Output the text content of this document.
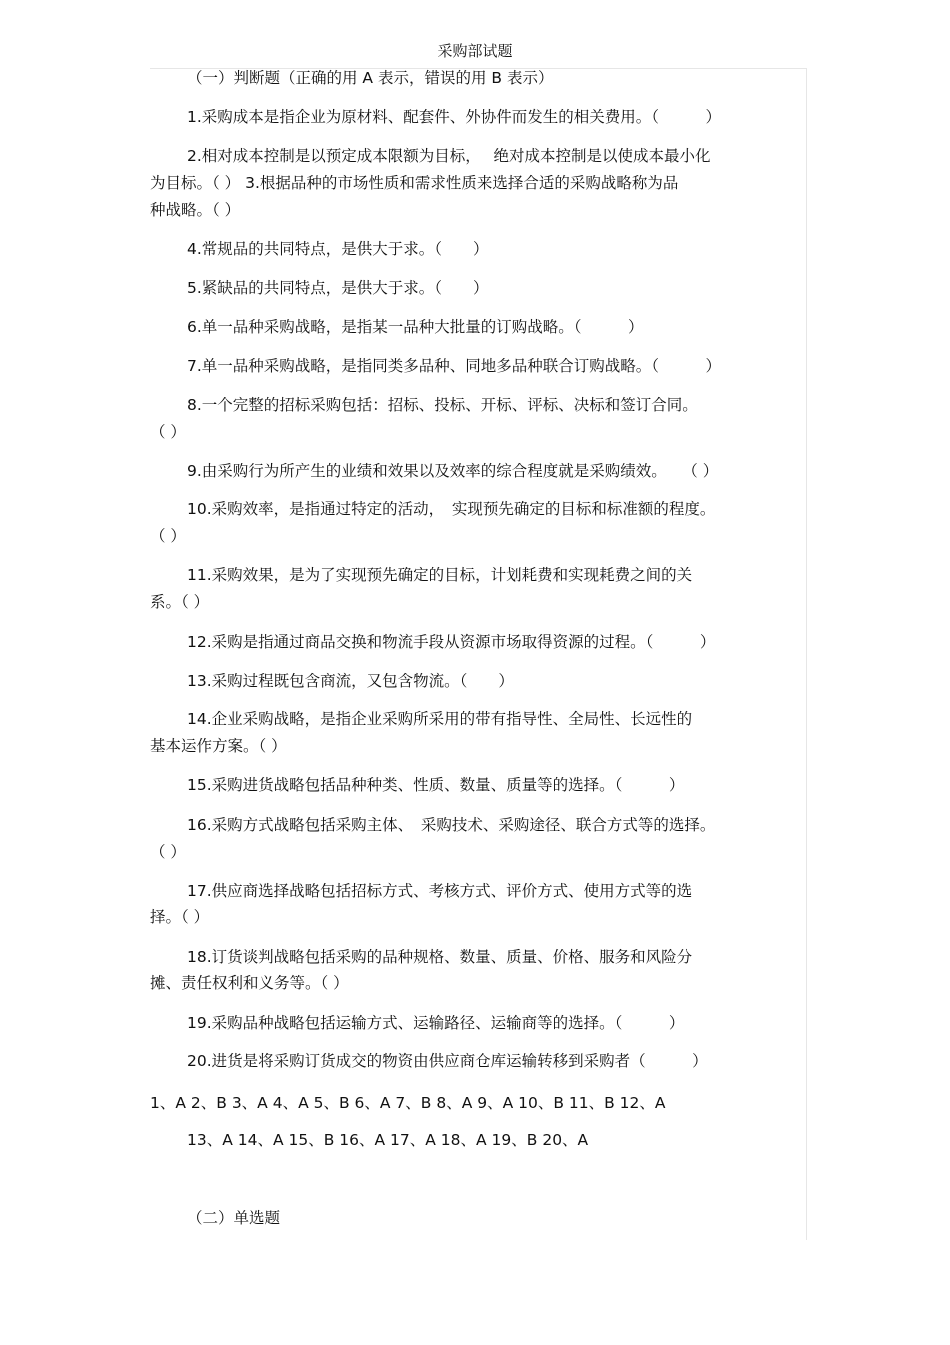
采购部试题
（一）判断题（正确的用 A 表示，错误的用 B 表示）
1.采购成本是指企业为原材料、配套件、外协件而发生的相关费用。（　　　）
2.相对成本控制是以预定成本限额为目标，　 绝对成本控制是以使成本最小化
为目标。（ ） 3.根据品种的市场性质和需求性质来选择合适的采购战略称为品
种战略。（ ）
4.常规品的共同特点，是供大于求。（　　）
5.紧缺品的共同特点，是供大于求。（　　）
6.单一品种采购战略，是指某一品种大批量的订购战略。（　　　）
7.单一品种采购战略，是指同类多品种、同地多品种联合订购战略。（　　　）
8.一个完整的招标采购包括：招标、投标、开标、评标、决标和签订合同。
（ ）
9.由采购行为所产生的业绩和效果以及效率的综合程度就是采购绩效。　　（ ）
10.采购效率，是指通过特定的活动，　实现预先确定的目标和标准额的程度。
（ ）
11.采购效果，是为了实现预先确定的目标，计划耗费和实现耗费之间的关
系。（ ）
12.采购是指通过商品交换和物流手段从资源市场取得资源的过程。（　　　）
13.采购过程既包含商流，又包含物流。（　　）
14.企业采购战略，是指企业采购所采用的带有指导性、全局性、长远性的
基本运作方案。（ ）
15.采购进货战略包括品种种类、性质、数量、质量等的选择。（　　　）
16.采购方式战略包括采购主体、　采购技术、采购途径、联合方式等的选择。
（ ）
17.供应商选择战略包括招标方式、考核方式、评价方式、使用方式等的选
择。（ ）
18.订货谈判战略包括采购的品种规格、数量、质量、价格、服务和风险分
摊、责任权利和义务等。（ ）
19.采购品种战略包括运输方式、运输路径、运输商等的选择。（　　　）
20.进货是将采购订货成交的物资由供应商仓库运输转移到采购者（　　　）
1、A 2、B 3、A 4、A 5、B 6、A 7、B 8、A 9、A 10、B 11、B 12、A
13、A 14、A 15、B 16、A 17、A 18、A 19、B 20、A
（二）单选题
